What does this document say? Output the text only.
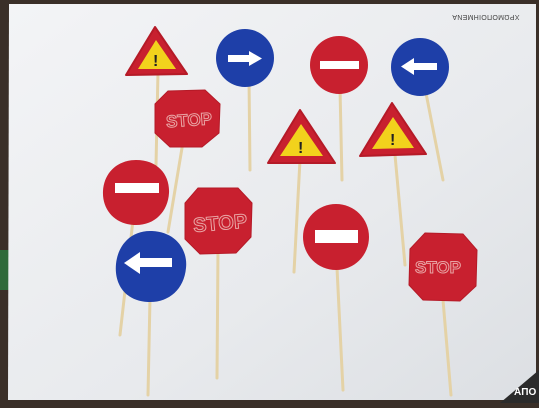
!
!	!
STOP
STOP
STOP
ΧΡΩΜΟΠΟΙΗΜΕΝΑ
ΑΠΟ
